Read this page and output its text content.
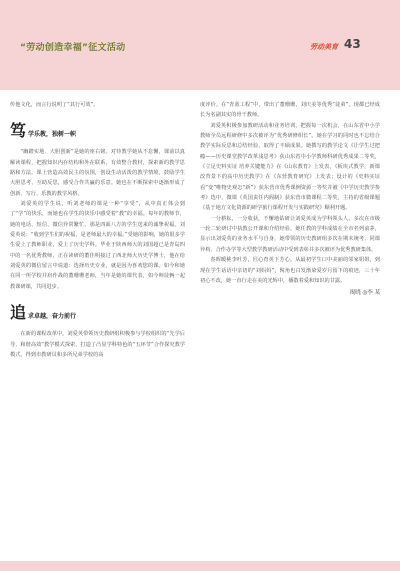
“劳动创造幸福”征文活动	劳动美育 43

传他文化，而言行说明了“其行可效”。

笃 学乐教，独树一帜

“幽踏实地、大胆创新”是她的座右铭。对待教学她从不怠懈，课前以真解读课程，把握知识内在结构和外在联系，有效整合教材，探索新的教学思路和方法。课上营造高效民主的氛围，创设生动活泼的教学情境，鼓励学生大胆思考、互助反思，感受合作共赢的乐意。她也在不断探索中逐渐形成了创新、写行、乐教的教学风格。

刘爱英的学生说，听刘老师的课是一种“享受”，从中真正体会到了“学”的快乐，而她也在学生的快乐中感受着“教”的幸福。每年的教师节，她的电话、短信、微信异常繁忙，那是四面八方的学生送来的诚挚祝福。刘爱英说：“收到学生们的祝福，是老师最大的幸福。”受她的影响，她的很多学生爱上了教师职业，爱上了历史学科。毕业于陕西师大的刘国超已是青岛四中的一名优秀教师，正在读研的董佳明接过了西北师大历史学博士，他在给刘爱英的微信留言中说道：选择历史专业，就是因为喜欢您的课。如今和她在同一所学校并肩作战的董珊珊老师，当年是她的课代表，如今师徒俩一起教课研课，共同进步。

追 求卓越，奋力前行

在新的课程改革中，刘爱英带领历史教研组积极参与学校组织的“先学后导、和谐高效”教学模式探索，打造了凸显学科特色的“五环节”合作探究教学模式，得到市教研员和多所兄弟学校的高

度评价。在“青蓝工程”中，带出了董珊珊、刘庆美等优秀“徒弟”，现都已经成长为名副其实的骨干教师。

刘爱英积极参加教研活动和业务培训，把握每一次机会，在山东省中小学教师全员远程研修中多次被评为“优秀研修组长”。她在学习的同时也不忘结合教学实际反思和总结经验，取得了丰硕成果。她撰写的教学论文《让学生过把瘾——历史课堂教学改革浅思考》获山东省中小学教师科研优秀成果二等奖，《立足史料实证 培养关键能力》在《山东教育》上发表，《板块式教学，新课改背景下的高中历史教学》在《东营教育研究》上发表；设计的《史料实证看“变”唯物史观怎“新”》获东营市优秀课例资源一等奖并被《中学历史教学参考》选中，微课《英国责任内阁制》获东营市微课程二等奖，主持的省级课题《基于地方文化资源的研学旅行课程开发与实践研究》顺利开题。

一分耕耘，一分收获，不懈地钻研让刘爱英成为学科领头人，多次在市级一轮二轮研讨中执教公开课和介绍经验。她任教的学科成绩在全市名列前茅，显示出刘爱英的业务水平与自身，她带领的历史教研组多次在期末统考、同课异构、合作办学等大型教学教研活动中受到表彰并多次被评为优秀教研集体。

春晖暖桃李吐芳，匠心育英下芳心。从最初学生口中美丽的邻家姐姐，到现在学生话语中亲切的“刘妈妈”，髯角也白发渐染爱岁月留下的痕迹，三十年初心不改，她一直行走在美的光辉中，播散着爱和知识的甘露。

揭晓 ◎李 某
